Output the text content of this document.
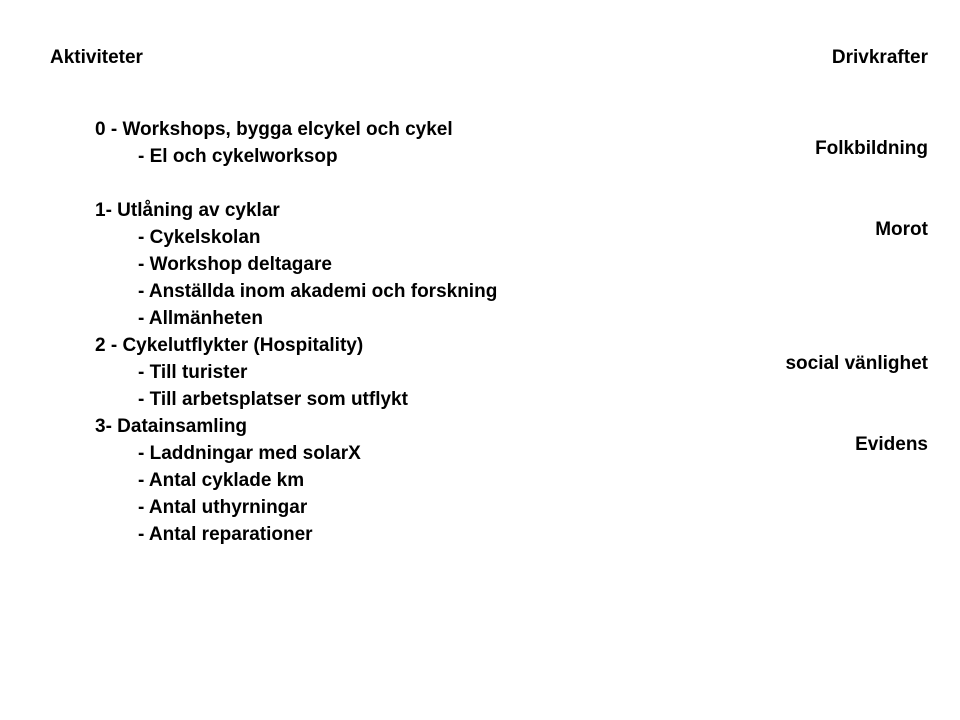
Aktiviteter	Drivkrafter
0 - Workshops, bygga elcykel och cykel
- El och cykelworksop
1- Utlåning av cyklar
- Cykelskolan
- Workshop deltagare
- Anställda inom akademi och forskning
- Allmänheten
2 - Cykelutflykter (Hospitality)
- Till turister
- Till arbetsplatser som utflykt
3- Datainsamling
- Laddningar med solarX
- Antal cyklade km
- Antal uthyrningar
- Antal reparationer
Folkbildning
Morot
social vänlighet
Evidens
